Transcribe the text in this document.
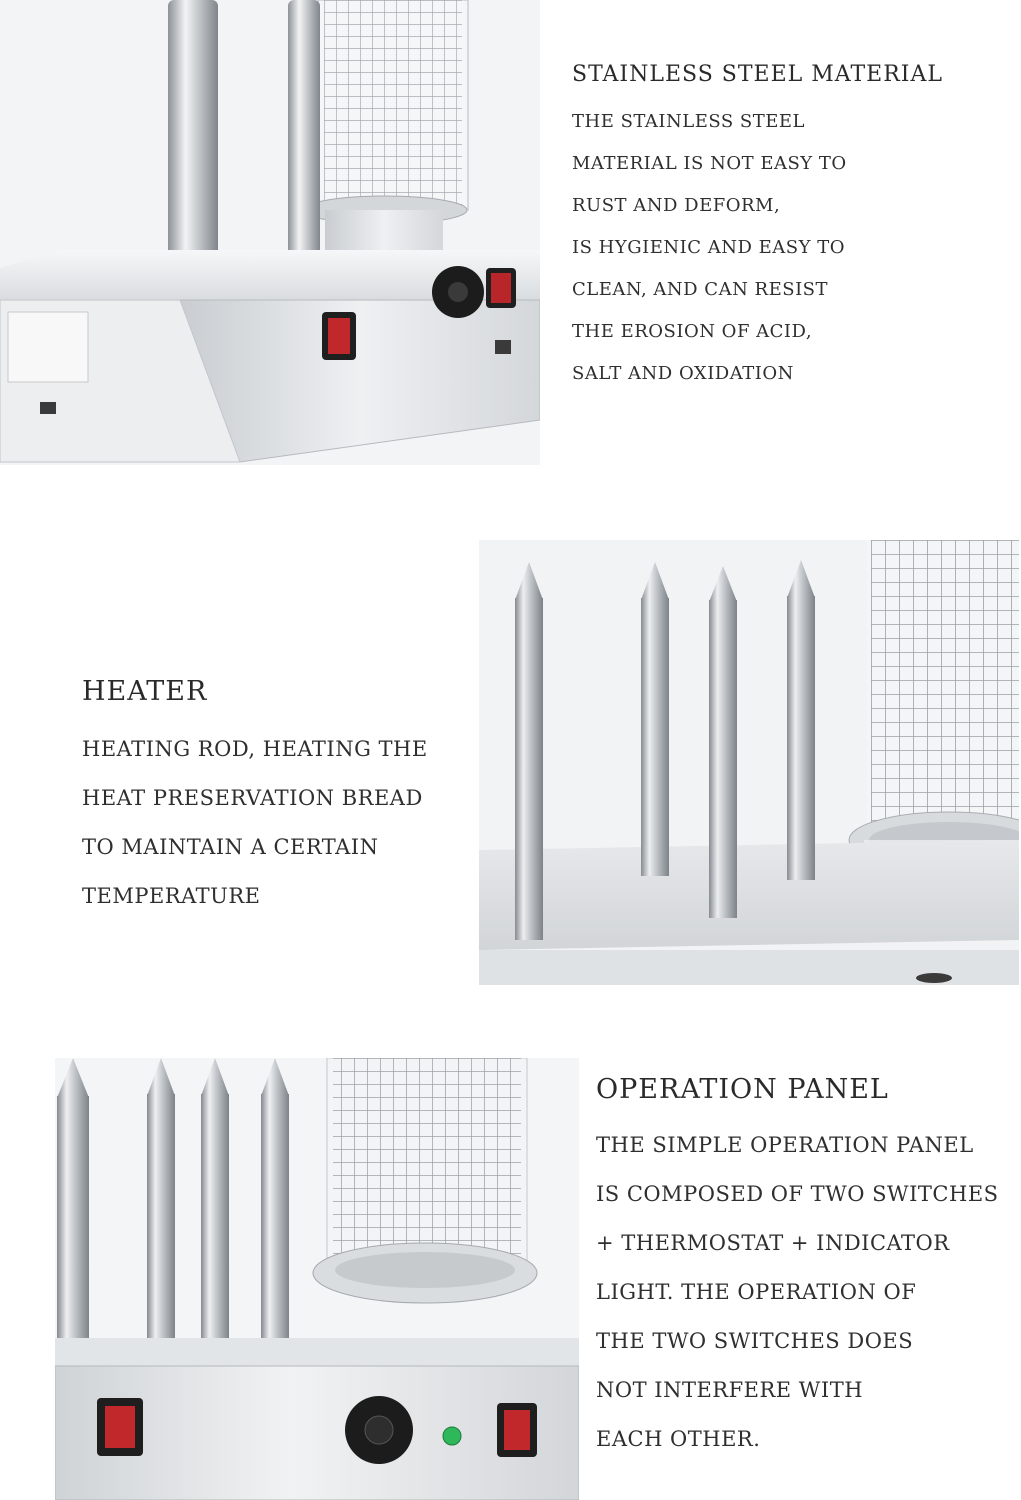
STAINLESS STEEL MATERIAL
THE STAINLESS STEEL
MATERIAL IS NOT EASY TO
RUST AND DEFORM,
IS HYGIENIC AND EASY TO
CLEAN, AND CAN RESIST
THE EROSION OF ACID,
SALT AND OXIDATION
HEATER
HEATING ROD, HEATING THE
HEAT PRESERVATION BREAD
TO MAINTAIN A CERTAIN
TEMPERATURE
OPERATION PANEL
THE SIMPLE OPERATION PANEL
IS COMPOSED OF TWO SWITCHES
+ THERMOSTAT + INDICATOR
LIGHT. THE OPERATION OF
THE TWO SWITCHES DOES
NOT INTERFERE WITH
EACH OTHER.
